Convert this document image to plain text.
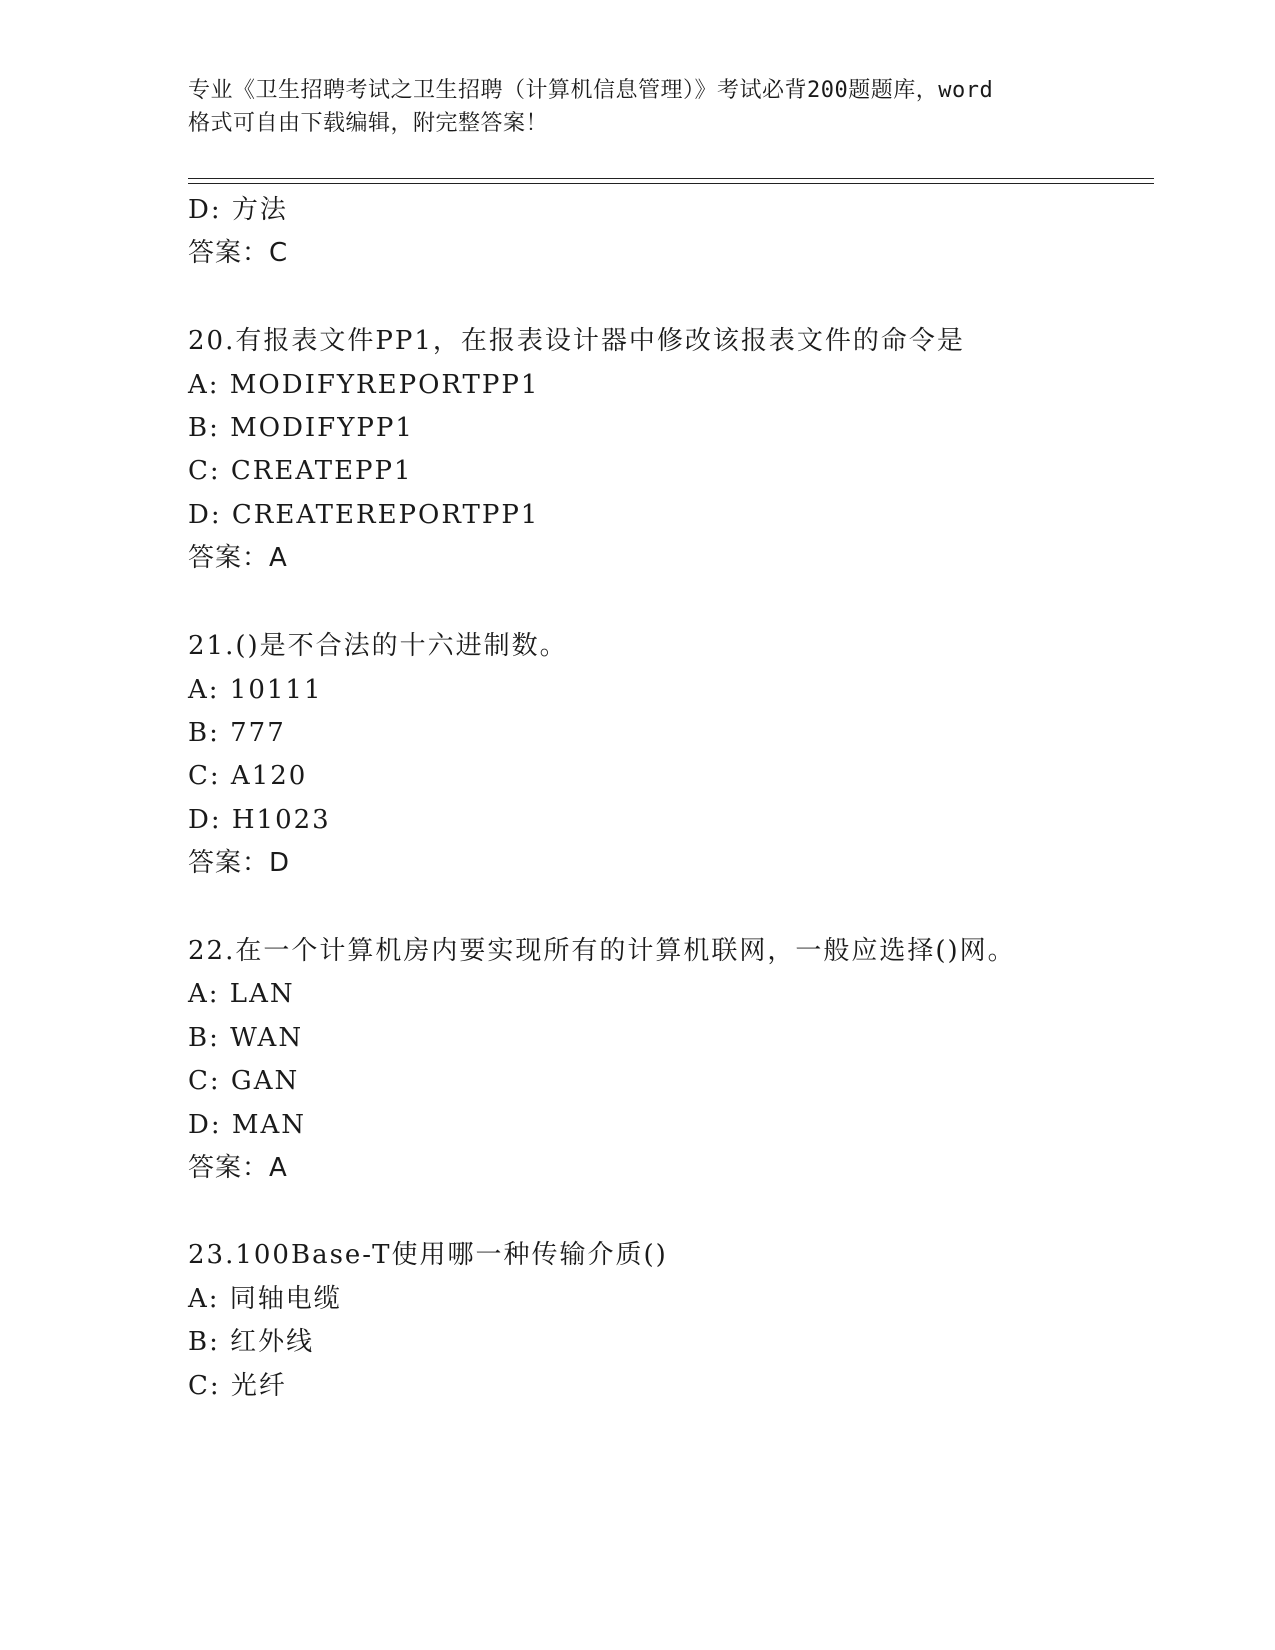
专业《卫生招聘考试之卫生招聘（计算机信息管理）》考试必背200题题库，word
格式可自由下载编辑，附完整答案！
D: 方法
答案：C
20.有报表文件PP1，在报表设计器中修改该报表文件的命令是
A: MODIFYREPORTPP1
B: MODIFYPP1
C: CREATEPP1
D: CREATEREPORTPP1
答案：A
21.()是不合法的十六进制数。
A: 10111
B: 777
C: A120
D: H1023
答案：D
22.在一个计算机房内要实现所有的计算机联网，一般应选择()网。
A: LAN
B: WAN
C: GAN
D: MAN
答案：A
23.100Base-T使用哪一种传输介质()
A: 同轴电缆
B: 红外线
C: 光纤
